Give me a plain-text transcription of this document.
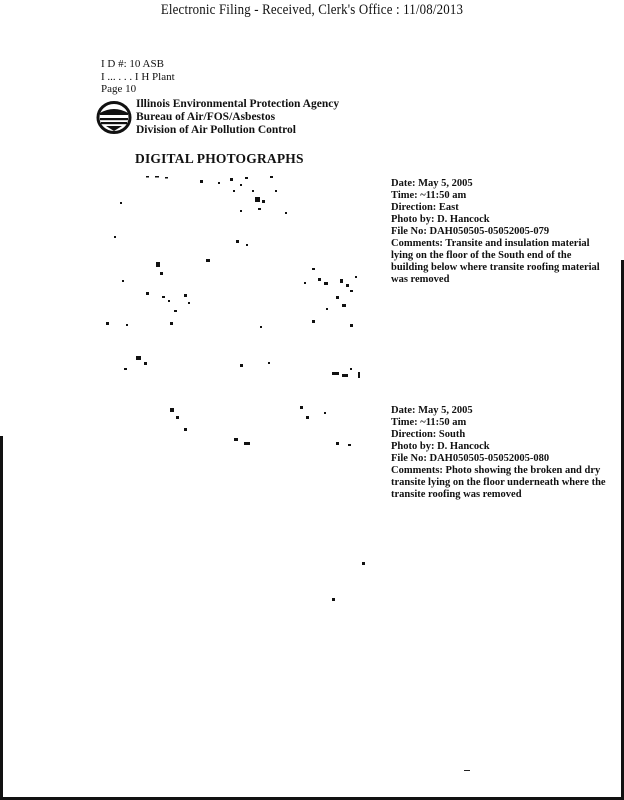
Electronic Filing - Received, Clerk's Office : 11/08/2013
I D #: 10 ASB
I ... . . . I H Plant
Page 10
Illinois Environmental Protection Agency
Bureau of Air/FOS/Asbestos
Division of Air Pollution Control
DIGITAL PHOTOGRAPHS
Date: May 5, 2005
Time: ~11:50 am
Direction: East
Photo by: D. Hancock
File No: DAH050505-05052005-079
Comments: Transite and insulation material lying on the floor of the South end of the building below where transite roofing material was removed
Date: May 5, 2005
Time: ~11:50 am
Direction: South
Photo by: D. Hancock
File No: DAH050505-05052005-080
Comments: Photo showing the broken and dry transite lying on the floor underneath where the transite roofing was removed
